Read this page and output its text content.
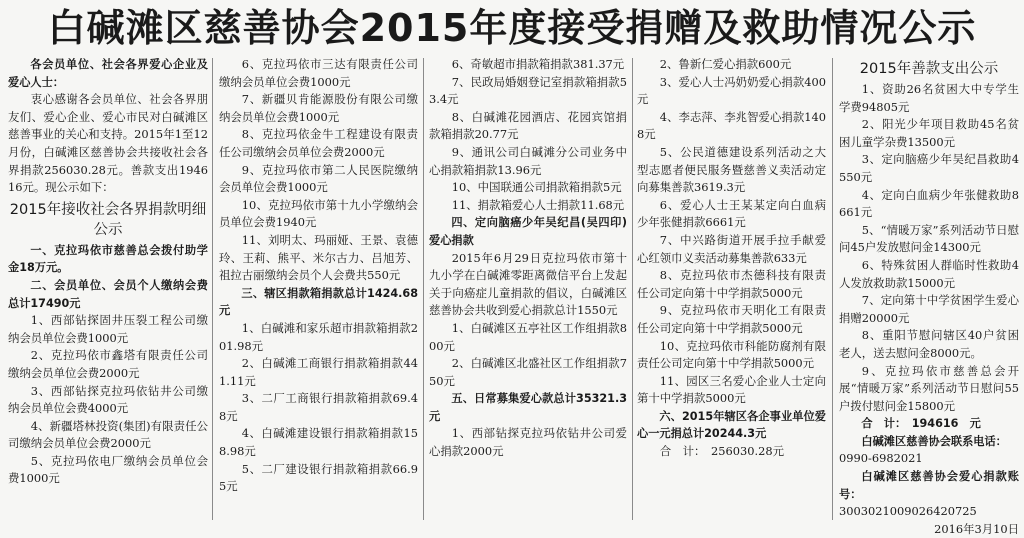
白碱滩区慈善协会2015年度接受捐赠及救助情况公示

各会员单位、社会各界爱心企业及爱心人士：

衷心感谢各会员单位、社会各界朋友们、爱心企业、爱心市民对白碱滩区慈善事业的关心和支持。2015年1至12月份，白碱滩区慈善协会共接收社会各界捐款256030.28元。善款支出194616元。现公示如下：

2015年接收社会各界捐款明细公示

一、克拉玛依市慈善总会拨付助学金18万元。

二、会员单位、会员个人缴纳会费总计17490元

1、西部钻探固井压裂工程公司缴纳会员单位会费1000元

2、克拉玛依市鑫塔有限责任公司缴纳会员单位会费2000元

3、西部钻探克拉玛依钻井公司缴纳会员单位会费4000元

4、新疆塔林投资(集团)有限责任公司缴纳会员单位会费2000元

5、克拉玛依电厂缴纳会员单位会费1000元

6、克拉玛依市三达有限责任公司缴纳会员单位会费1000元

7、新疆贝肯能源股份有限公司缴纳会员单位会费1000元

8、克拉玛依金牛工程建设有限责任公司缴纳会员单位会费2000元

9、克拉玛依市第二人民医院缴纳会员单位会费1000元

10、克拉玛依市第十九小学缴纳会员单位会费1940元

11、刘明太、玛丽娅、王景、袁德玲、王莉、熊平、米尔古力、吕旭芳、祖拉古丽缴纳会员个人会费共550元

三、辖区捐款箱捐款总计1424.68元

1、白碱滩和家乐超市捐款箱捐款201.98元

2、白碱滩工商银行捐款箱捐款441.11元

3、二厂工商银行捐款箱捐款69.48元

4、白碱滩建设银行捐款箱捐款158.98元

5、二厂建设银行捐款箱捐款66.95元

6、奇敏超市捐款箱捐款381.37元

7、民政局婚姻登记室捐款箱捐款53.4元

8、白碱滩花园酒店、花园宾馆捐款箱捐款20.77元

9、通讯公司白碱滩分公司业务中心捐款箱捐款13.96元

10、中国联通公司捐款箱捐款5元

11、捐款箱爱心人士捐款11.68元

四、定向脑癌少年吴纪昌(吴四印)爱心捐款

2015年6月29日克拉玛依市第十九小学在白碱滩零距离微信平台上发起关于向癌症儿童捐款的倡议，白碱滩区慈善协会共收到爱心捐款总计1550元

1、白碱滩区五亭社区工作组捐款800元

2、白碱滩区北盛社区工作组捐款750元

五、日常募集爱心款总计35321.3元

1、西部钻探克拉玛依钻井公司爱心捐款2000元

2、鲁新仁爱心捐款600元

3、爱心人士冯奶奶爱心捐款400元

4、李志萍、李兆智爱心捐款1408元

5、公民道德建设系列活动之大型志愿者便民服务暨慈善义卖活动定向募集善款3619.3元

6、爱心人士王某某定向白血病少年张健捐款6661元

7、中兴路街道开展手拉手献爱心红领巾义卖活动募集善款633元

8、克拉玛依市杰德科技有限责任公司定向第十中学捐款5000元

9、克拉玛依市天明化工有限责任公司定向第十中学捐款5000元

10、克拉玛依市科能防腐剂有限责任公司定向第十中学捐款5000元

11、园区三名爱心企业人士定向第十中学捐款5000元

六、2015年辖区各企事业单位爱心一元捐总计20244.3元

合　计：　256030.28元

2015年善款支出公示

1、资助26名贫困大中专学生学费94805元

2、阳光少年项目救助45名贫困儿童学杂费13500元

3、定向脑癌少年吴纪昌救助4550元

4、定向白血病少年张健救助8661元

5、“情暖万家”系列活动节日慰问45户发放慰问金14300元

6、特殊贫困人群临时性救助4人发放救助款15000元

7、定向第十中学贫困学生爱心捐赠20000元

8、重阳节慰问辖区40户贫困老人，送去慰问金8000元。

9、克拉玛依市慈善总会开展“情暖万家”系列活动节日慰问55户拨付慰问金15800元

合　计：　194616　元

白碱滩区慈善协会联系电话：

0990-6982021

白碱滩区慈善协会爱心捐款账号：

3003021009026420725

2016年3月10日
